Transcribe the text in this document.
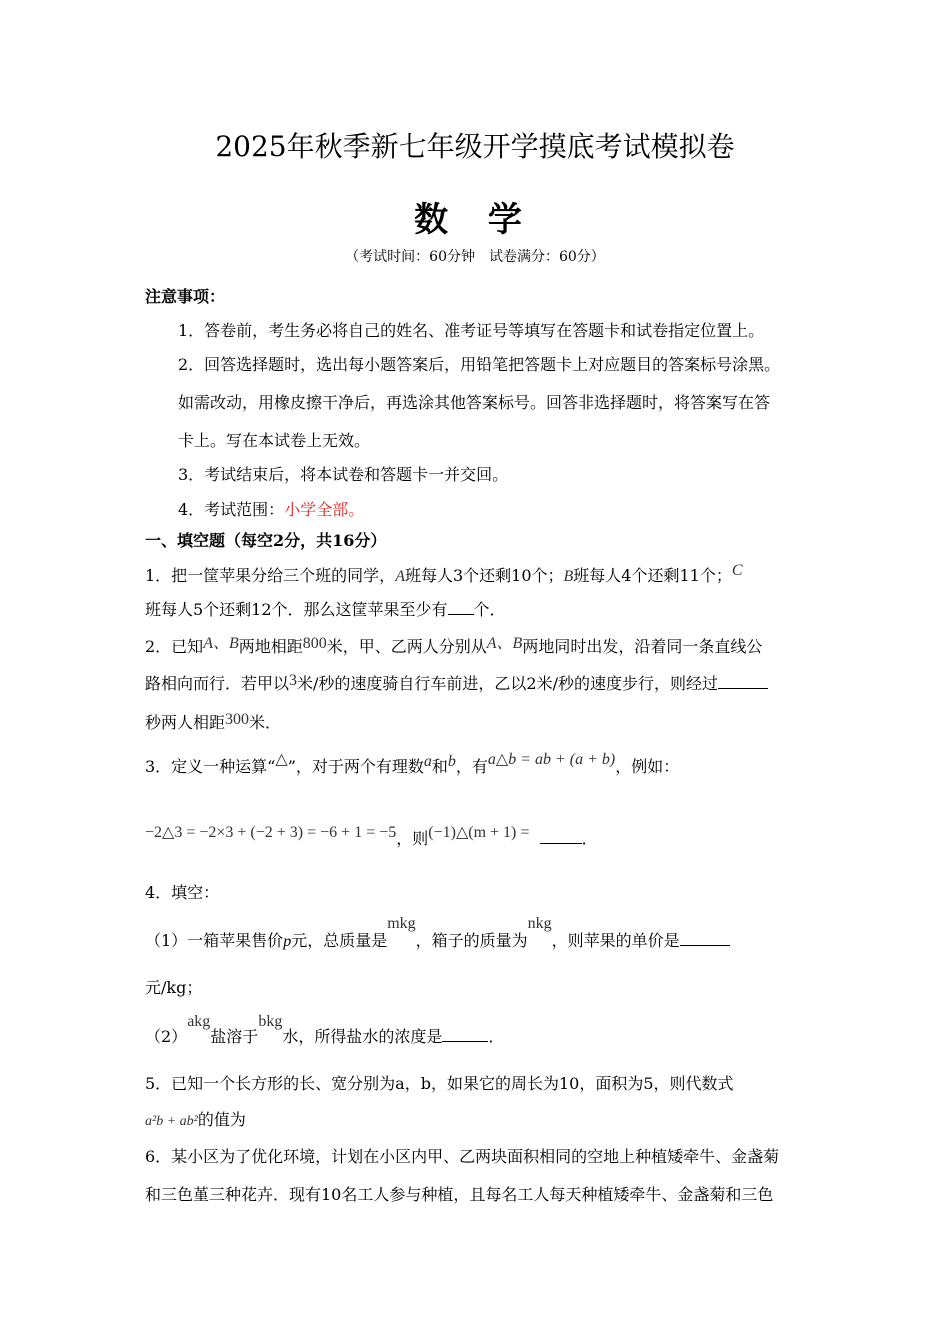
2025年秋季新七年级开学摸底考试模拟卷
数 学
（考试时间：60分钟　试卷满分：60分）
注意事项：
1．答卷前，考生务必将自己的姓名、准考证号等填写在答题卡和试卷指定位置上。
2．回答选择题时，选出每小题答案后，用铅笔把答题卡上对应题目的答案标号涂黑。
如需改动，用橡皮擦干净后，再选涂其他答案标号。回答非选择题时，将答案写在答
卡上。写在本试卷上无效。
3．考试结束后，将本试卷和答题卡一并交回。
4．考试范围：小学全部。
一、填空题（每空2分，共16分）
1．把一筐苹果分给三个班的同学，A班每人3个还剩10个；B班每人4个还剩11个；C
班每人5个还剩12个．那么这筐苹果至少有 个．
2．已知A、B两地相距800米，甲、乙两人分别从A、B两地同时出发，沿着同一条直线公
路相向而行．若甲以3米/秒的速度骑自行车前进，乙以2米/秒的速度步行，则经过
秒两人相距300米．
3．定义一种运算“△”，对于两个有理数a和b，有a△b = ab + (a + b)，例如：
−2△3 = −2×3 + (−2 + 3) = −6 + 1 = −5，则(−1)△(m + 1) =	．
4．填空：
（1）一箱苹果售价p元，总质量是mkg，箱子的质量为nkg，则苹果的单价是
元/kg；
（2）akg盐溶于bkg水，所得盐水的浓度是	．
5．已知一个长方形的长、宽分别为a，b，如果它的周长为10，面积为5，则代数式
a²b + ab²的值为
6．某小区为了优化环境，计划在小区内甲、乙两块面积相同的空地上种植矮牵牛、金盏菊
和三色堇三种花卉．现有10名工人参与种植，且每名工人每天种植矮牵牛、金盏菊和三色
